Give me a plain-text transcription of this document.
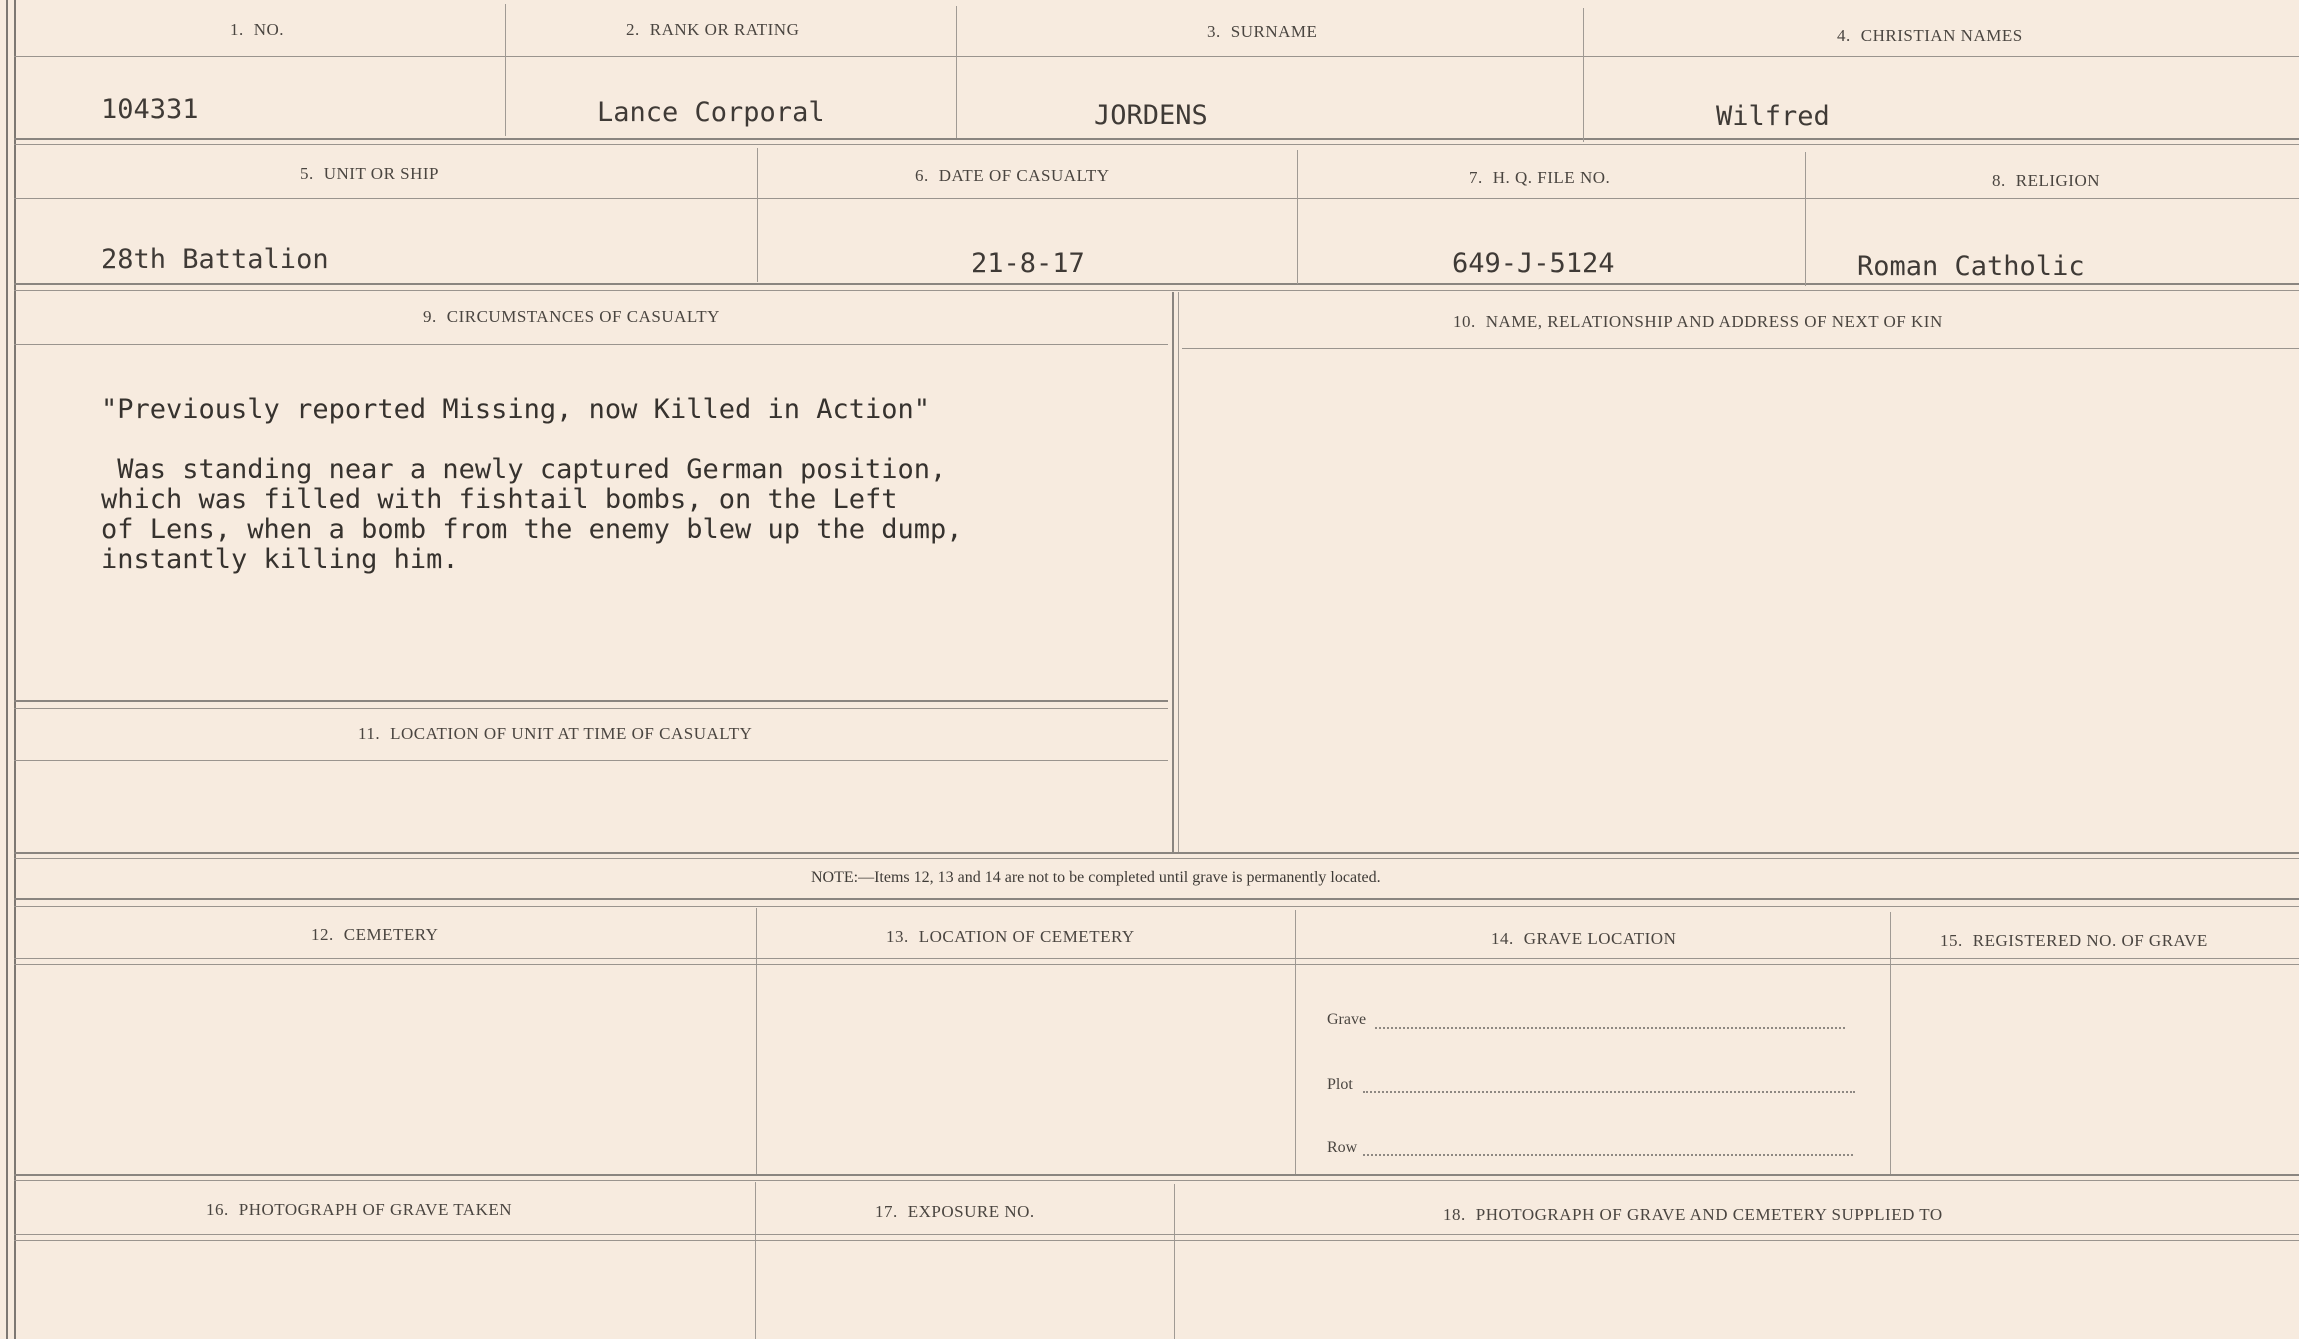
1. NO.	2. RANK OR RATING	3. SURNAME	4. CHRISTIAN NAMES
104331	Lance Corporal	JORDENS	Wilfred
5. UNIT OR SHIP	6. DATE OF CASUALTY	7. H. Q. FILE NO.	8. RELIGION
28th Battalion	21-8-17	649-J-5124	Roman Catholic
9. CIRCUMSTANCES OF CASUALTY	10. NAME, RELATIONSHIP AND ADDRESS OF NEXT OF KIN
"Previously reported Missing, now Killed in Action"
Was standing near a newly captured German position,
which was filled with fishtail bombs, on the Left
of Lens, when a bomb from the enemy blew up the dump,
instantly killing him.
11. LOCATION OF UNIT AT TIME OF CASUALTY
NOTE:—Items 12, 13 and 14 are not to be completed until grave is permanently located.
12. CEMETERY	13. LOCATION OF CEMETERY	14. GRAVE LOCATION	15. REGISTERED NO. OF GRAVE
Grave
Plot
Row
16. PHOTOGRAPH OF GRAVE TAKEN	17. EXPOSURE NO.	18. PHOTOGRAPH OF GRAVE AND CEMETERY SUPPLIED TO
